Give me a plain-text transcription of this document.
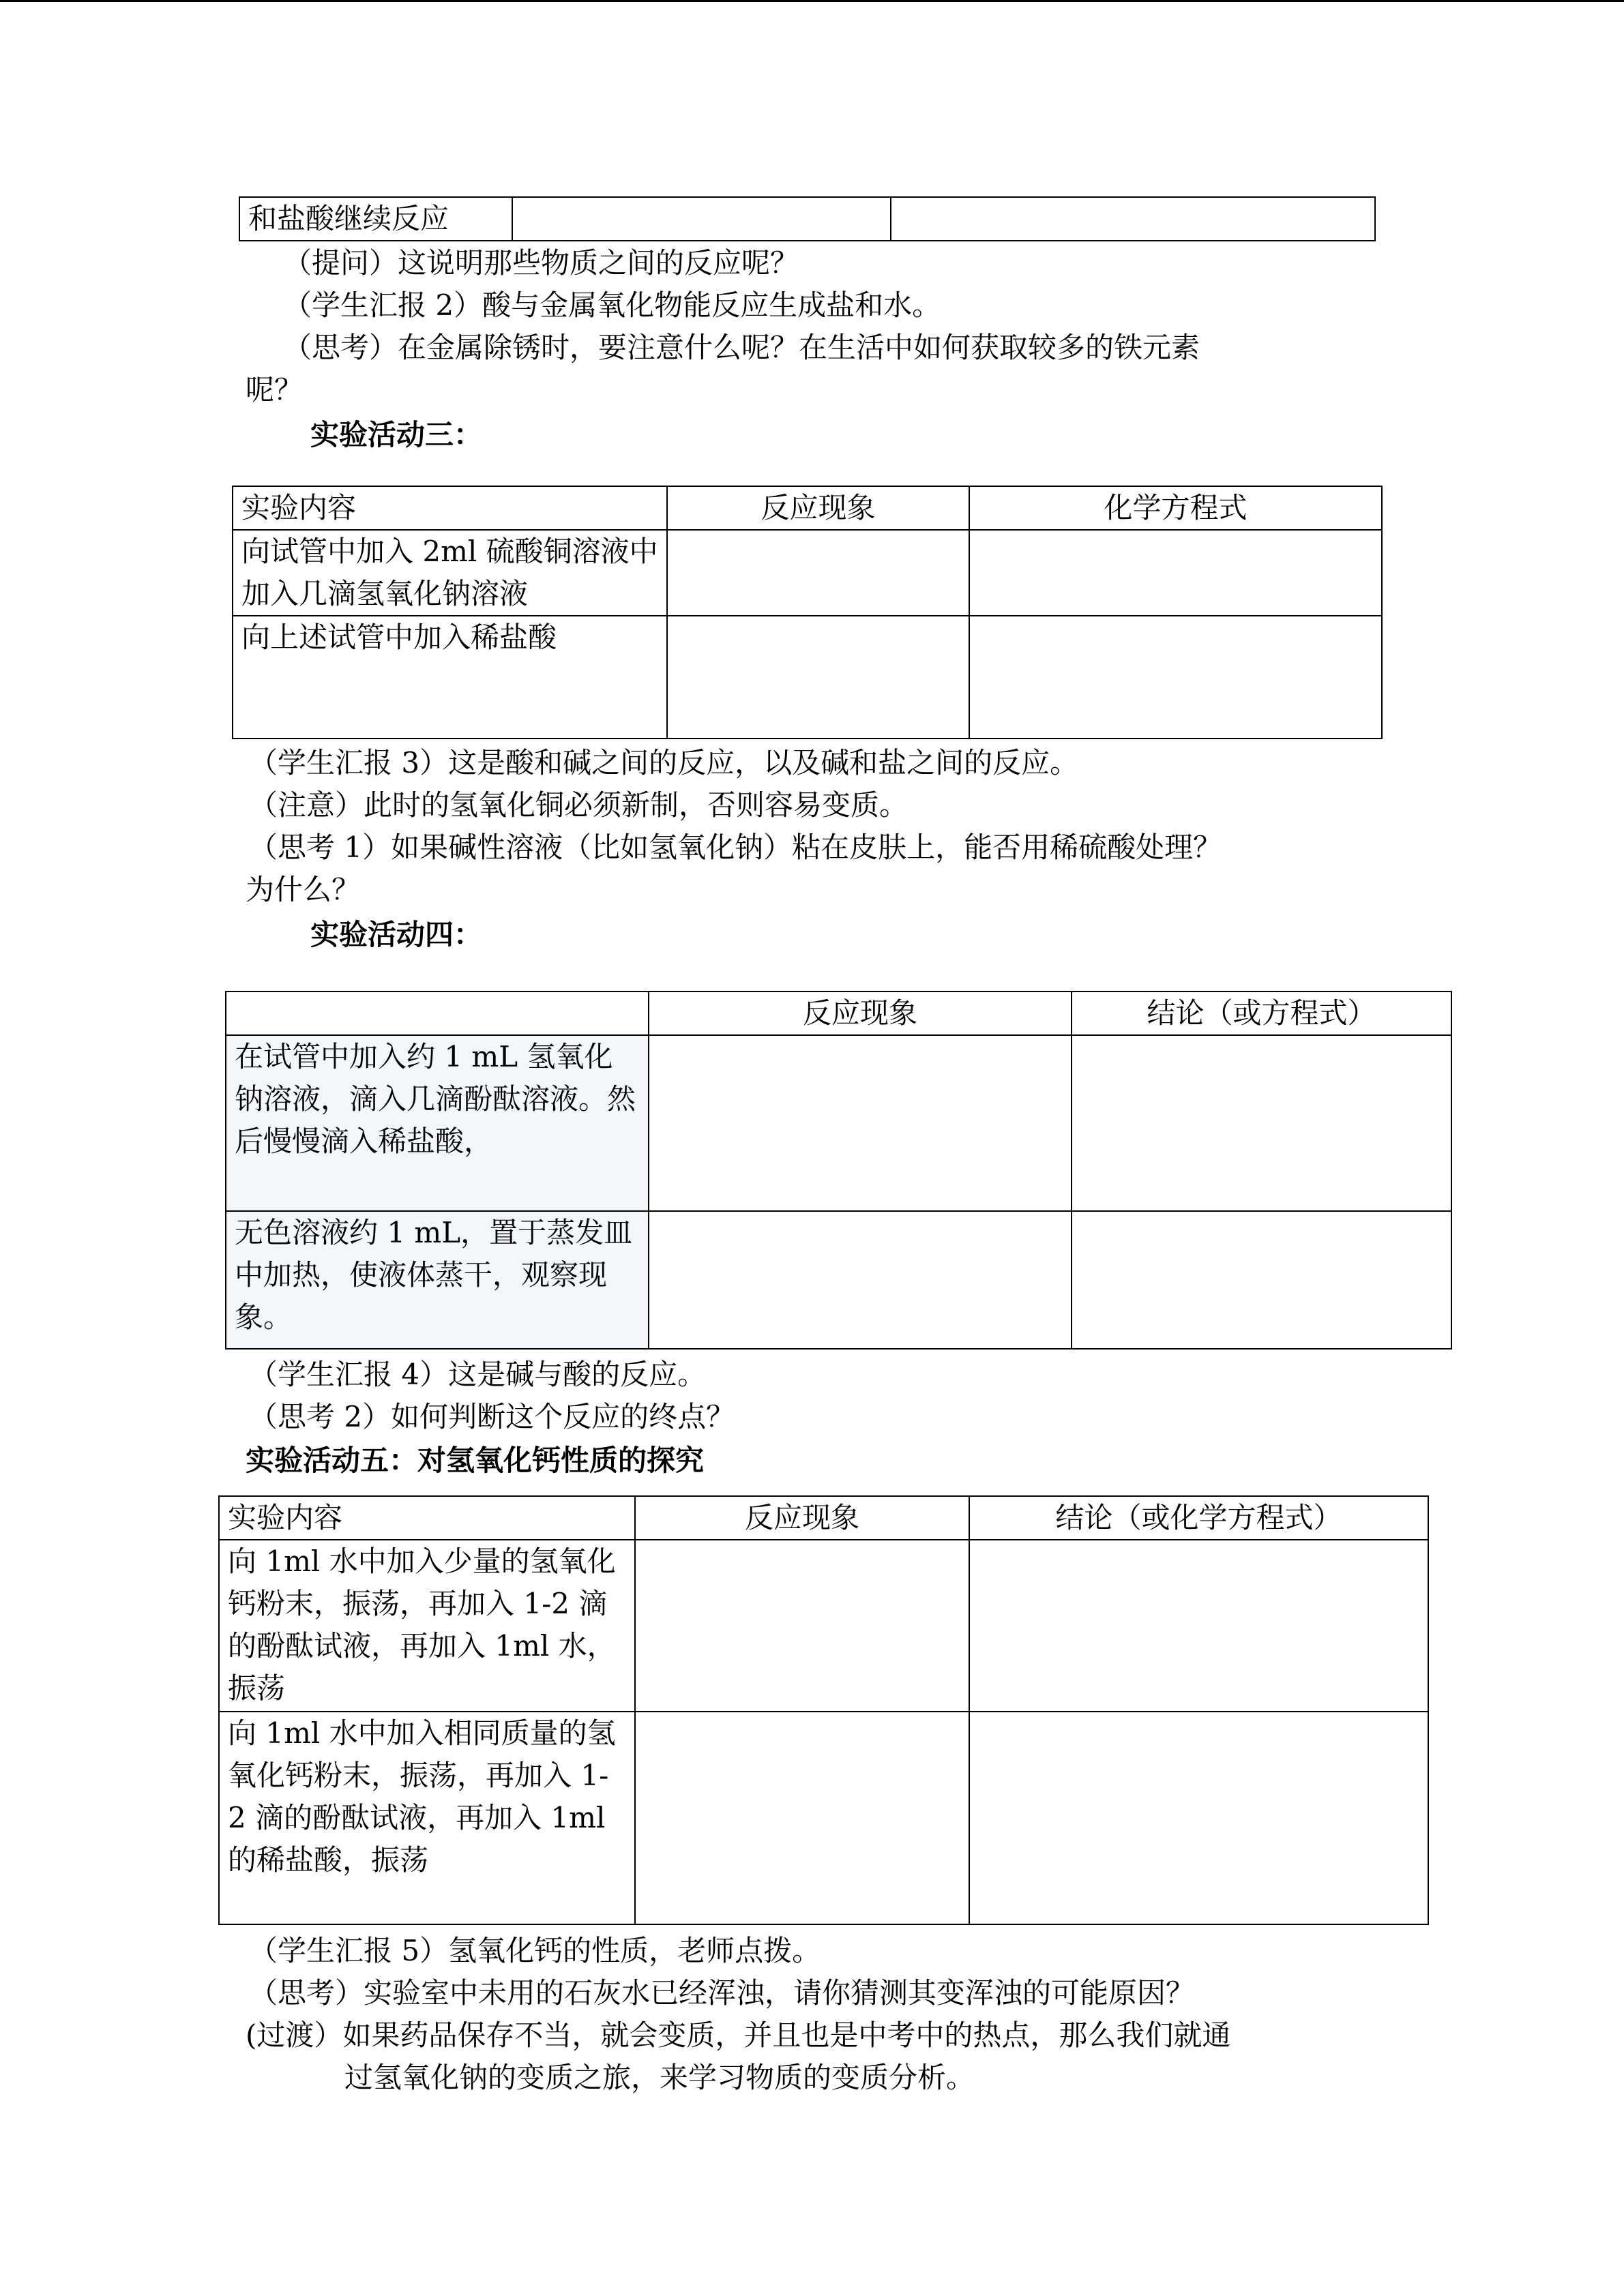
和盐酸继续反应		
（提问）这说明那些物质之间的反应呢？
（学生汇报 2）酸与金属氧化物能反应生成盐和水。
（思考）在金属除锈时，要注意什么呢？在生活中如何获取较多的铁元素
呢？
实验活动三：
实验内容	反应现象	化学方程式
向试管中加入 2ml 硫酸铜溶液中加入几滴氢氧化钠溶液		
向上述试管中加入稀盐酸		
（学生汇报 3）这是酸和碱之间的反应，以及碱和盐之间的反应。
（注意）此时的氢氧化铜必须新制，否则容易变质。
（思考 1）如果碱性溶液（比如氢氧化钠）粘在皮肤上，能否用稀硫酸处理？
为什么？
实验活动四：
	反应现象	结论（或方程式）
在试管中加入约 1 mL 氢氧化钠溶液，滴入几滴酚酞溶液。然后慢慢滴入稀盐酸，		
无色溶液约 1 mL，置于蒸发皿中加热，使液体蒸干，观察现象。		
（学生汇报 4）这是碱与酸的反应。
（思考 2）如何判断这个反应的终点？
实验活动五：对氢氧化钙性质的探究
实验内容	反应现象	结论（或化学方程式）
向 1ml 水中加入少量的氢氧化钙粉末，振荡，再加入 1-2 滴的酚酞试液，再加入 1ml 水，振荡		
向 1ml 水中加入相同质量的氢氧化钙粉末，振荡，再加入 1-2 滴的酚酞试液，再加入 1ml 的稀盐酸，振荡		
（学生汇报 5）氢氧化钙的性质，老师点拨。
（思考）实验室中未用的石灰水已经浑浊，请你猜测其变浑浊的可能原因？
(过渡）如果药品保存不当，就会变质，并且也是中考中的热点，那么我们就通
过氢氧化钠的变质之旅，来学习物质的变质分析。
